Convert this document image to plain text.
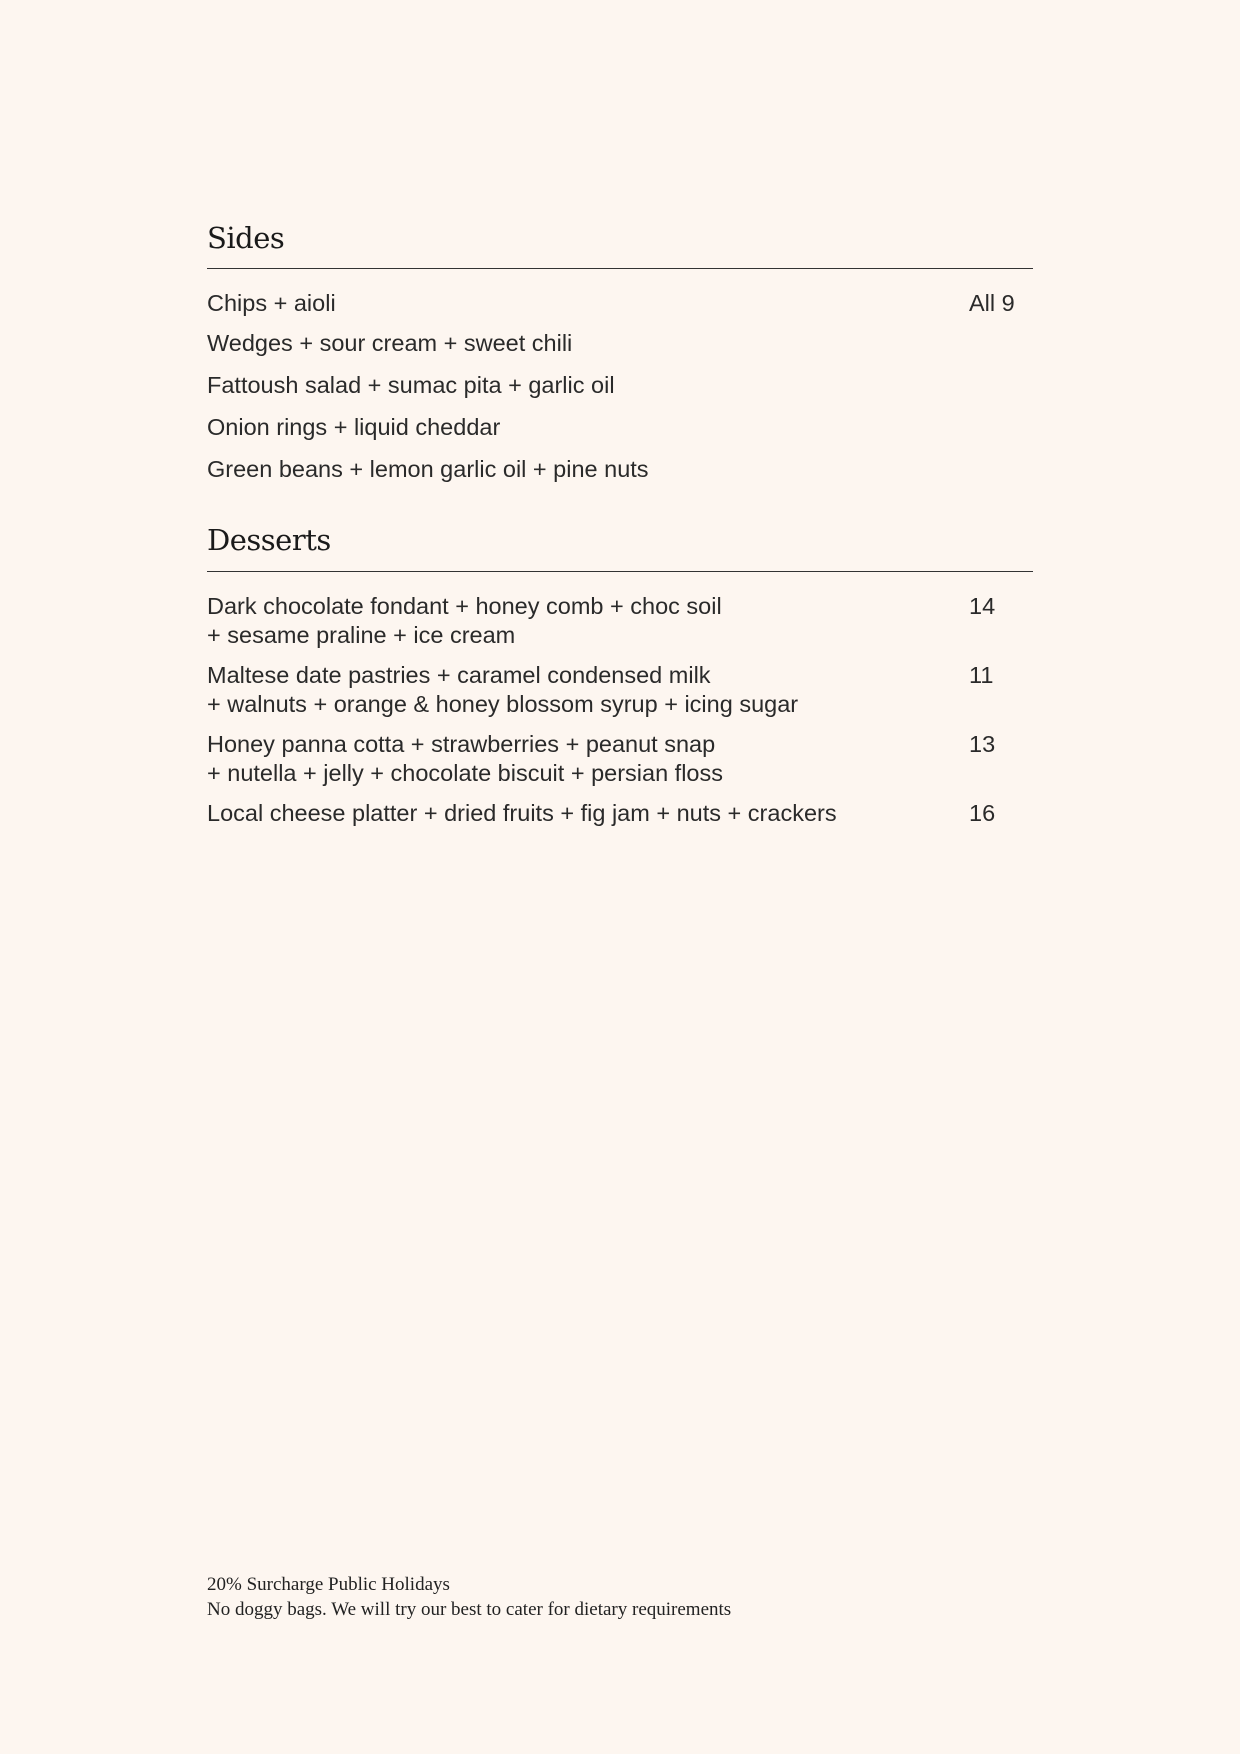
Sides
Chips + aioli	All 9
Wedges + sour cream + sweet chili
Fattoush salad + sumac pita + garlic oil
Onion rings + liquid cheddar
Green beans + lemon garlic oil + pine nuts
Desserts
Dark chocolate fondant + honey comb + choc soil
+ sesame praline + ice cream
14
Maltese date pastries + caramel condensed milk
+ walnuts + orange & honey blossom syrup + icing sugar
11
Honey panna cotta + strawberries + peanut snap
+ nutella + jelly + chocolate biscuit + persian floss
13
Local cheese platter + dried fruits + fig jam + nuts + crackers	16
20% Surcharge Public Holidays
No doggy bags. We will try our best to cater for dietary requirements
